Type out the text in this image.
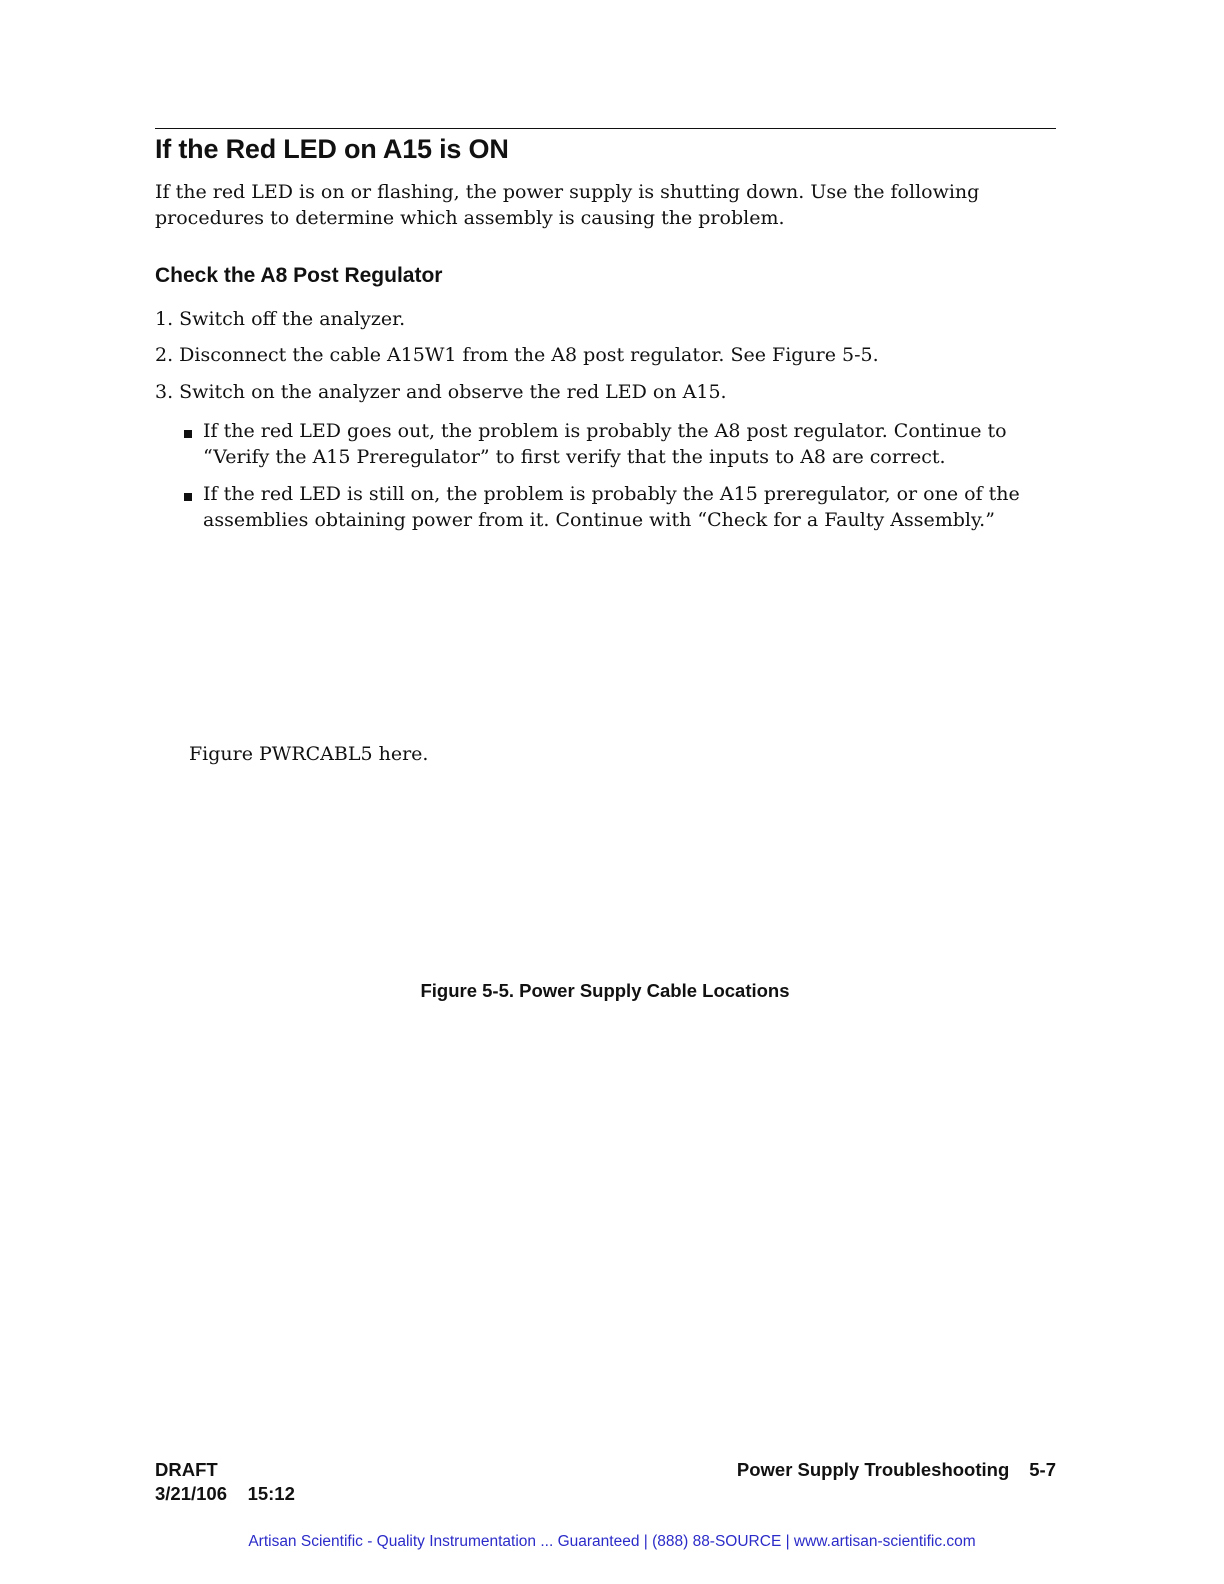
If the Red LED on A15 is ON
If the red LED is on or flashing, the power supply is shutting down. Use the following procedures to determine which assembly is causing the problem.
Check the A8 Post Regulator
1. Switch off the analyzer.
2. Disconnect the cable A15W1 from the A8 post regulator. See Figure 5-5.
3. Switch on the analyzer and observe the red LED on A15.
If the red LED goes out, the problem is probably the A8 post regulator. Continue to “Verify the A15 Preregulator” to first verify that the inputs to A8 are correct.
If the red LED is still on, the problem is probably the A15 preregulator, or one of the assemblies obtaining power from it. Continue with “Check for a Faulty Assembly.”
Figure PWRCABL5 here.
Figure 5-5. Power Supply Cable Locations
DRAFT
3/21/106    15:12
Power Supply Troubleshooting 5-7
Artisan Scientific - Quality Instrumentation ... Guaranteed | (888) 88-SOURCE | www.artisan-scientific.com
